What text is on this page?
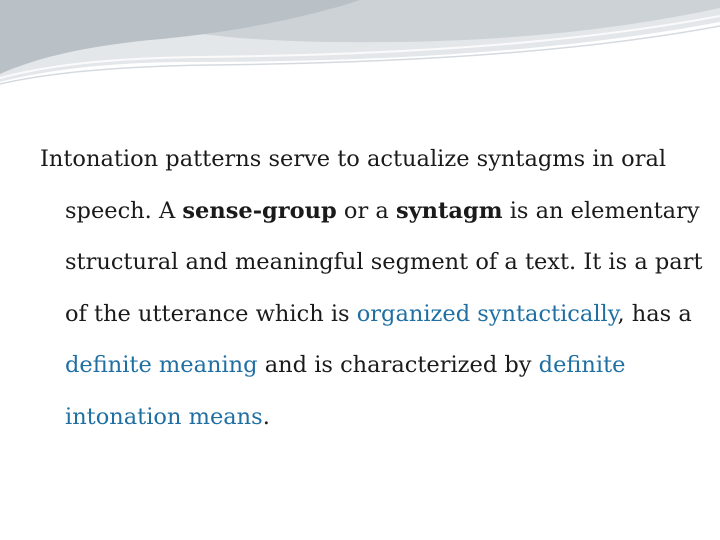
Intonation patterns serve to actualize syntagms in oral speech. A sense-group or a syntagm is an elementary structural and meaningful segment of a text. It is a part of the utterance which is organized syntactically, has a definite meaning and is characterized by definite intonation means.
